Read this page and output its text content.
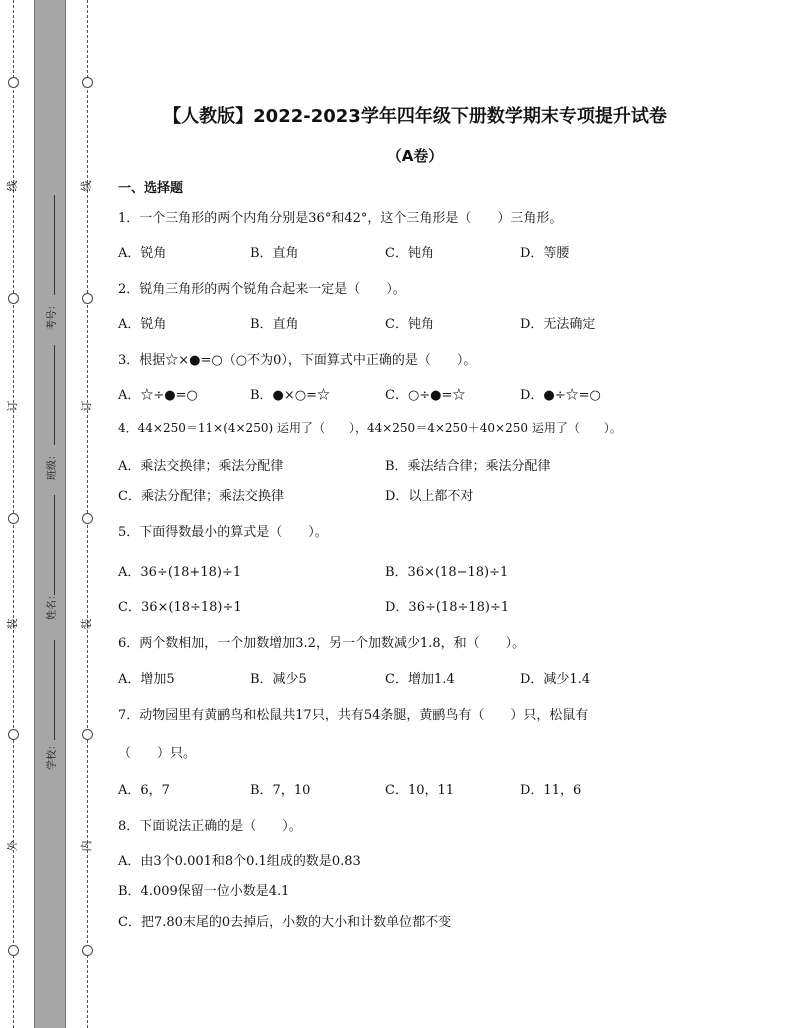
线
订
装
外
线
订
装
内
考号：
班级：
姓名：
学校：
【人教版】2022-2023学年四年级下册数学期末专项提升试卷
（A卷）
一、选择题
1．一个三角形的两个内角分别是36°和42°，这个三角形是（　　）三角形。
A．锐角	B．直角	C．钝角	D．等腰
2．锐角三角形的两个锐角合起来一定是（　　）。
A．锐角	B．直角	C．钝角	D．无法确定
3．根据☆×●=○（○不为0），下面算式中正确的是（　　）。
A．☆÷●=○	B．●×○=☆	C．○÷●=☆	D．●÷☆=○
4．44×250＝11×(4×250) 运用了（　　），44×250＝4×250＋40×250 运用了（　　）。
A．乘法交换律；乘法分配律	B．乘法结合律；乘法分配律
C．乘法分配律；乘法交换律	D．以上都不对
5．下面得数最小的算式是（　　）。
A．36÷(18+18)÷1	B．36×(18−18)÷1
C．36×(18÷18)÷1	D．36÷(18÷18)÷1
6．两个数相加，一个加数增加3.2，另一个加数减少1.8，和（　　）。
A．增加5	B．减少5	C．增加1.4	D．减少1.4
7．动物园里有黄鹂鸟和松鼠共17只，共有54条腿，黄鹂鸟有（　　）只，松鼠有
（　　）只。
A．6，7	B．7，10	C．10，11	D．11，6
8．下面说法正确的是（　　）。
A．由3个0.001和8个0.1组成的数是0.83
B．4.009保留一位小数是4.1
C．把7.80末尾的0去掉后，小数的大小和计数单位都不变
